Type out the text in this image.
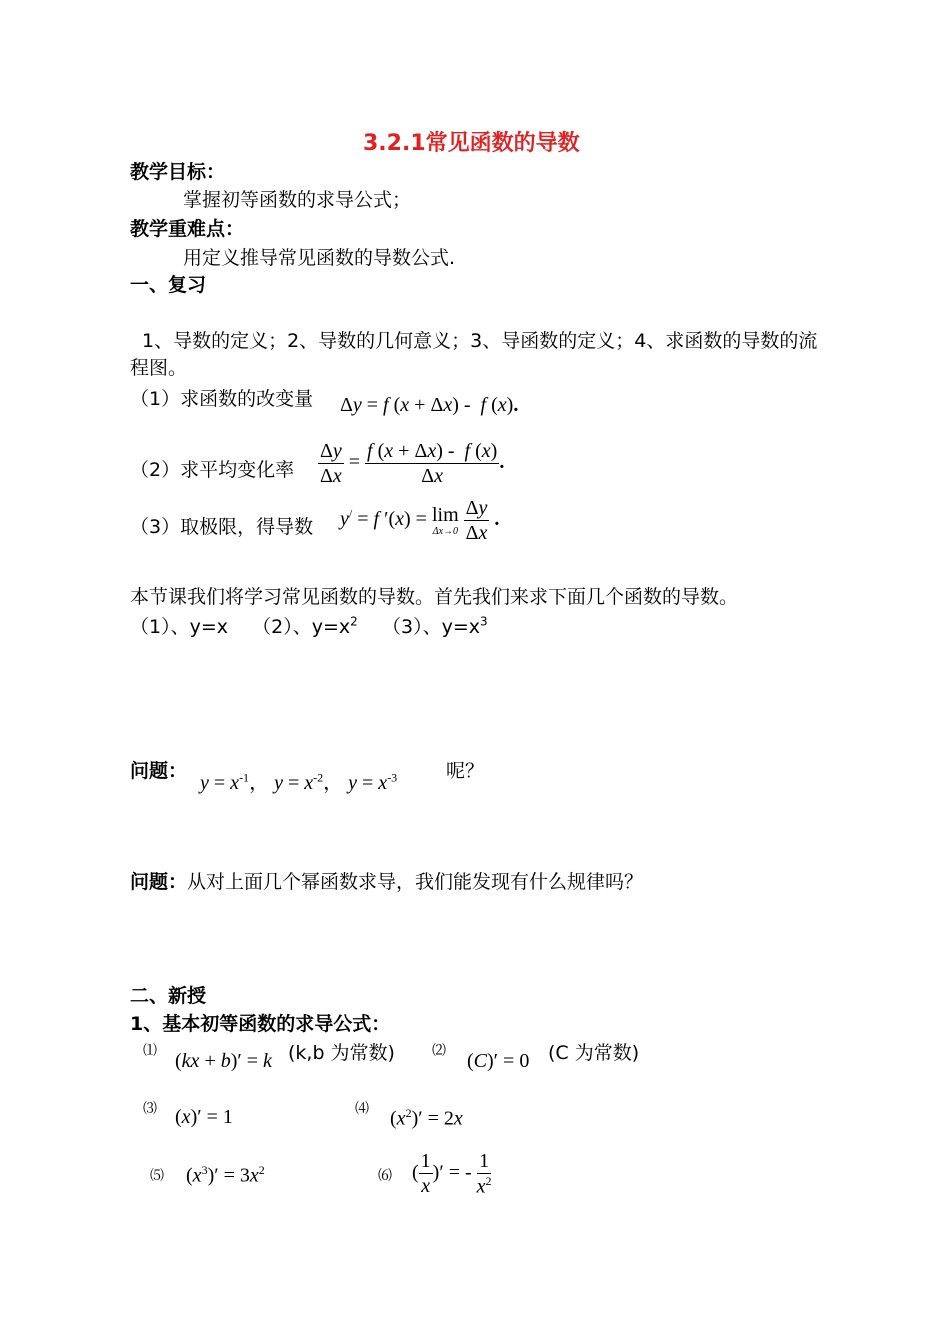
3.2.1常见函数的导数
教学目标：
掌握初等函数的求导公式；
教学重难点：
用定义推导常见函数的导数公式.
一、复习
1、导数的定义；2、导数的几何意义；3、导函数的定义；4、求函数的导数的流
程图。
（1）求函数的改变量 Δy = f (x + Δx) -  f (x).
（2）求平均变化率 $\frac{\Delta y}{\Delta x} = \frac{f (x + \Delta x) - f (x)}{\Delta x}$ .
（3）取极限，得导数 y/ = f ′(x) = lim
Δx→0
$\frac{\Delta y}{\Delta x}$ .
本节课我们将学习常见函数的导数。首先我们来求下面几个函数的导数。
（1）、y=x （2）、$y=x^2$ （3）、$y=x^3$
问题：
$y = x^{-1}$， $y = x^{-2}$， $y = x^{-3}$	呢？
问题：从对上面几个幂函数求导，我们能发现有什么规律吗？
二、新授
1、基本初等函数的求导公式：
⑴ (kx + b)′ = k (k,b 为常数)	⑵ (C)′ = 0 (C 为常数)
⑶ (x)′ = 1	⑷ $(x^2)' = 2x$
⑸ $(x^3)' = 3x^2$	⑹ ( $\frac{1}{x}$ )′ = - $\frac{1}{x^2}$
